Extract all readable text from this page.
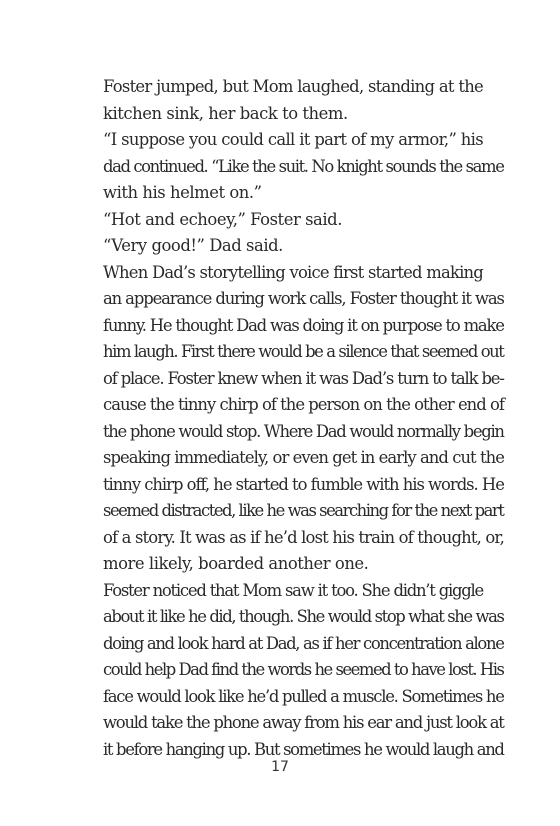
Foster jumped, but Mom laughed, standing at the
kitchen sink, her back to them.

“I suppose you could call it part of my armor,” his
dad continued. “Like the suit. No knight sounds the same
with his helmet on.”

“Hot and echoey,” Foster said.

“Very good!” Dad said.

When Dad’s storytelling voice first started making
an appearance during work calls, Foster thought it was
funny. He thought Dad was doing it on purpose to make
him laugh. First there would be a silence that seemed out
of place. Foster knew when it was Dad’s turn to talk be-
cause the tinny chirp of the person on the other end of
the phone would stop. Where Dad would normally begin
speaking immediately, or even get in early and cut the
tinny chirp off, he started to fumble with his words. He
seemed distracted, like he was searching for the next part
of a story. It was as if he’d lost his train of thought, or,
more likely, boarded another one.

Foster noticed that Mom saw it too. She didn’t giggle
about it like he did, though. She would stop what she was
doing and look hard at Dad, as if her concentration alone
could help Dad find the words he seemed to have lost. His
face would look like he’d pulled a muscle. Sometimes he
would take the phone away from his ear and just look at
it before hanging up. But sometimes he would laugh and

17
